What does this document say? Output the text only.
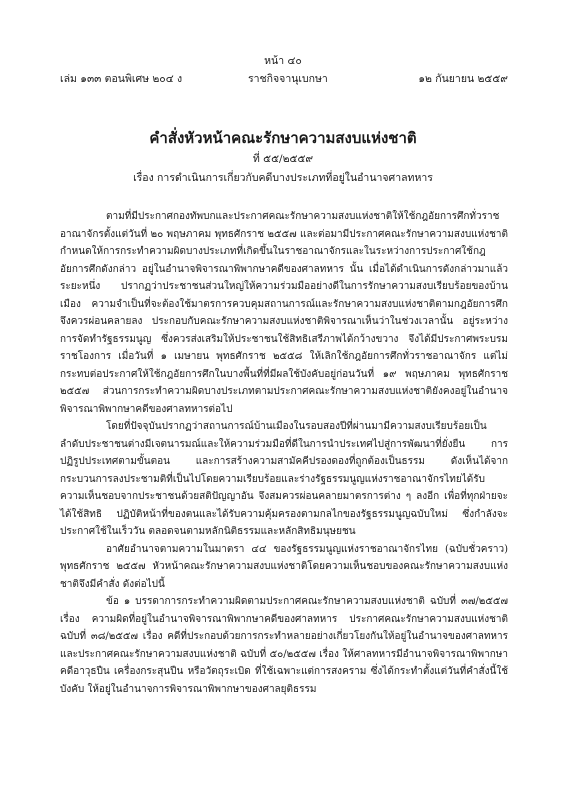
หน้า ๔๐
เล่ม ๑๓๓ ตอนพิเศษ ๒๐๔ ง	ราชกิจจานุเบกษา	๑๒ กันยายน ๒๕๕๙
คำสั่งหัวหน้าคณะรักษาความสงบแห่งชาติ
ที่ ๕๕/๒๕๕๙
เรื่อง การดำเนินการเกี่ยวกับคดีบางประเภทที่อยู่ในอำนาจศาลทหาร

ตามที่มีประกาศกองทัพบกและประกาศคณะรักษาความสงบแห่งชาติให้ใช้กฎอัยการศึกทั่วราชอาณาจักรตั้งแต่วันที่ ๒๐ พฤษภาคม พุทธศักราช ๒๕๕๗ และต่อมามีประกาศคณะรักษาความสงบแห่งชาติกำหนดให้การกระทำความผิดบางประเภทที่เกิดขึ้นในราชอาณาจักรและในระหว่างการประกาศใช้กฎอัยการศึกดังกล่าว อยู่ในอำนาจพิจารณาพิพากษาคดีของศาลทหาร นั้น เมื่อได้ดำเนินการดังกล่าวมาแล้วระยะหนึ่ง ปรากฏว่าประชาชนส่วนใหญ่ให้ความร่วมมืออย่างดีในการรักษาความสงบเรียบร้อยของบ้านเมือง ความจำเป็นที่จะต้องใช้มาตรการควบคุมสถานการณ์และรักษาความสงบแห่งชาติตามกฎอัยการศึกจึงควรผ่อนคลายลง ประกอบกับคณะรักษาความสงบแห่งชาติพิจารณาเห็นว่าในช่วงเวลานั้น อยู่ระหว่างการจัดทำรัฐธรรมนูญ ซึ่งควรส่งเสริมให้ประชาชนใช้สิทธิเสรีภาพได้กว้างขวาง จึงได้มีประกาศพระบรมราชโองการ เมื่อวันที่ ๑ เมษายน พุทธศักราช ๒๕๕๘ ให้เลิกใช้กฎอัยการศึกทั่วราชอาณาจักร แต่ไม่กระทบต่อประกาศให้ใช้กฎอัยการศึกในบางพื้นที่ที่มีผลใช้บังคับอยู่ก่อนวันที่ ๑๙ พฤษภาคม พุทธศักราช ๒๕๕๗ ส่วนการกระทำความผิดบางประเภทตามประกาศคณะรักษาความสงบแห่งชาติยังคงอยู่ในอำนาจพิจารณาพิพากษาคดีของศาลทหารต่อไป

โดยที่ปัจจุบันปรากฏว่าสถานการณ์บ้านเมืองในรอบสองปีที่ผ่านมามีความสงบเรียบร้อยเป็นลำดับประชาชนต่างมีเจตนารมณ์และให้ความร่วมมือที่ดีในการนำประเทศไปสู่การพัฒนาที่ยั่งยืน การปฏิรูปประเทศตามขั้นตอน และการสร้างความสามัคคีปรองดองที่ถูกต้องเป็นธรรม ดังเห็นได้จากกระบวนการลงประชามติที่เป็นไปโดยความเรียบร้อยและร่างรัฐธรรมนูญแห่งราชอาณาจักรไทยได้รับความเห็นชอบจากประชาชนด้วยสติปัญญาอัน จึงสมควรผ่อนคลายมาตรการต่าง ๆ ลงอีก เพื่อที่ทุกฝ่ายจะได้ใช้สิทธิ ปฏิบัติหน้าที่ของตนและได้รับความคุ้มครองตามกลไกของรัฐธรรมนูญฉบับใหม่ ซึ่งกำลังจะประกาศใช้ในเร็ววัน ตลอดจนตามหลักนิติธรรมและหลักสิทธิมนุษยชน

อาศัยอำนาจตามความในมาตรา ๔๔ ของรัฐธรรมนูญแห่งราชอาณาจักรไทย (ฉบับชั่วคราว) พุทธศักราช ๒๕๕๗ หัวหน้าคณะรักษาความสงบแห่งชาติโดยความเห็นชอบของคณะรักษาความสงบแห่งชาติจึงมีคำสั่ง ดังต่อไปนี้

ข้อ ๑ บรรดาการกระทำความผิดตามประกาศคณะรักษาความสงบแห่งชาติ ฉบับที่ ๓๗/๒๕๕๗ เรื่อง ความผิดที่อยู่ในอำนาจพิจารณาพิพากษาคดีของศาลทหาร ประกาศคณะรักษาความสงบแห่งชาติ ฉบับที่ ๓๘/๒๕๕๗ เรื่อง คดีที่ประกอบด้วยการกระทำหลายอย่างเกี่ยวโยงกันให้อยู่ในอำนาจของศาลทหาร และประกาศคณะรักษาความสงบแห่งชาติ ฉบับที่ ๕๐/๒๕๕๗ เรื่อง ให้ศาลทหารมีอำนาจพิจารณาพิพากษาคดีอาวุธปืน เครื่องกระสุนปืน หรือวัตถุระเบิด ที่ใช้เฉพาะแต่การสงคราม ซึ่งได้กระทำตั้งแต่วันที่คำสั่งนี้ใช้บังคับ ให้อยู่ในอำนาจการพิจารณาพิพากษาของศาลยุติธรรม
